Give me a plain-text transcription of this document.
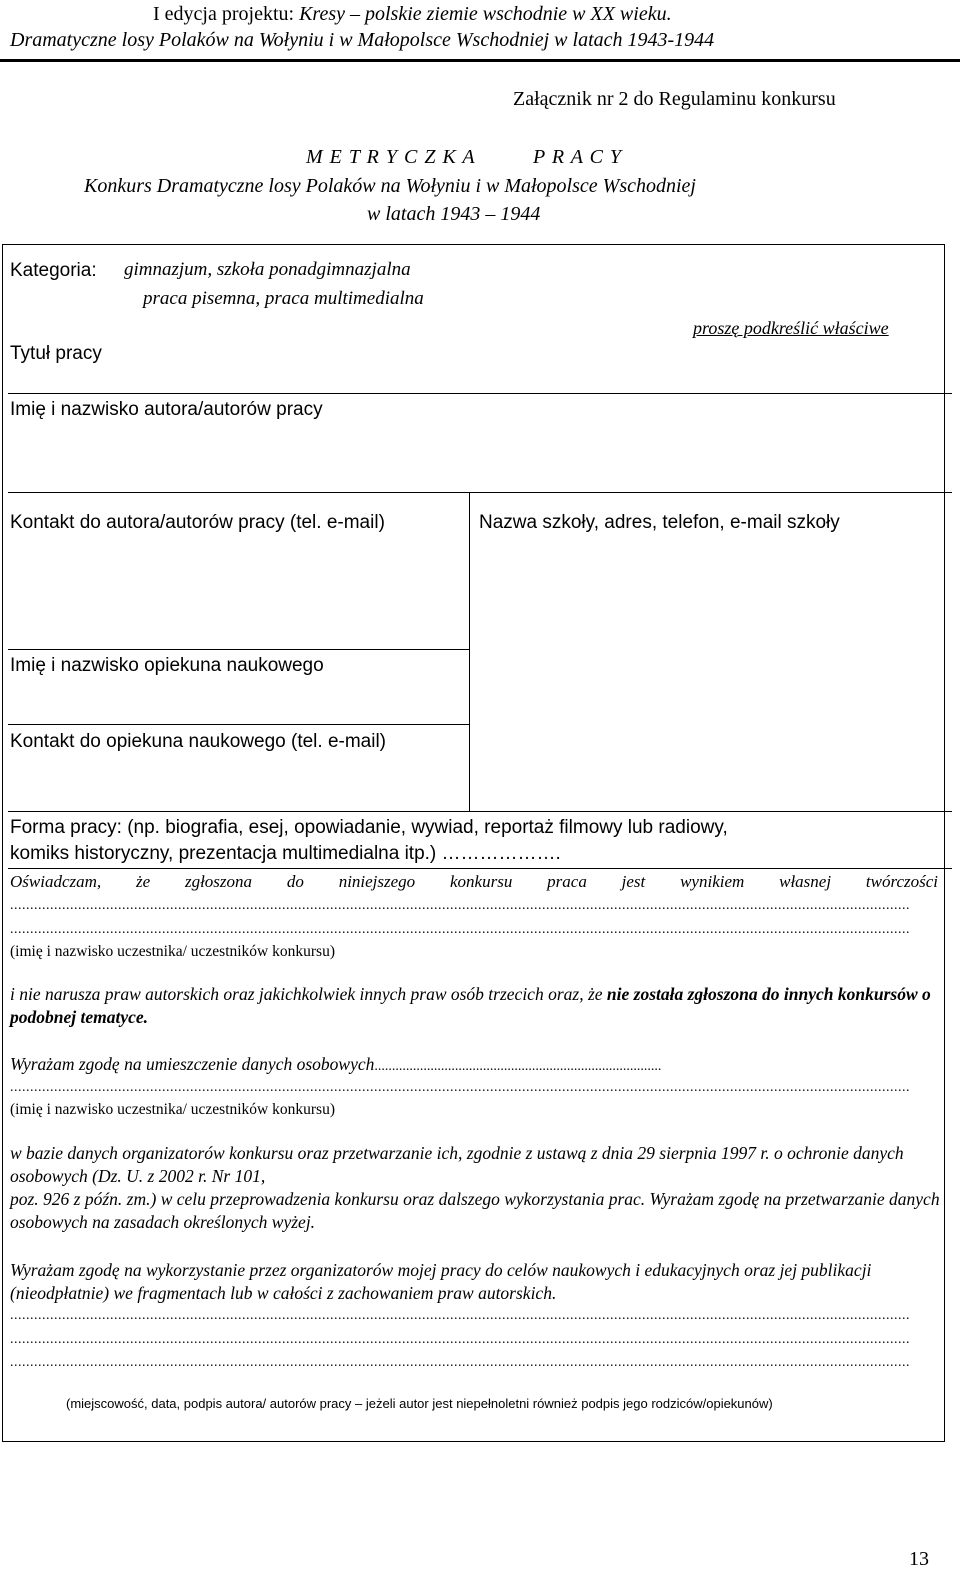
I edycja projektu: Kresy – polskie ziemie wschodnie w XX wieku.
Dramatyczne losy Polaków na Wołyniu i w Małopolsce Wschodniej w latach 1943-1944
Załącznik nr 2 do Regulaminu konkursu
M E T R Y C Z K A	P R A C Y
Konkurs Dramatyczne losy Polaków na Wołyniu i w Małopolsce Wschodniej
w latach 1943 – 1944
Kategoria: gimnazjum, szkoła ponadgimnazjalna
praca pisemna, praca multimedialna
proszę podkreślić właściwe
Tytuł pracy
Imię i nazwisko autora/autorów pracy
Kontakt do autora/autorów pracy (tel. e-mail)	Nazwa szkoły, adres, telefon, e-mail szkoły
Imię i nazwisko opiekuna naukowego
Kontakt do opiekuna naukowego (tel. e-mail)
Forma pracy: (np. biografia, esej, opowiadanie, wywiad, reportaż filmowy lub radiowy,
komiks historyczny, prezentacja multimedialna itp.) ……………….
Oświadczam, że zgłoszona do niniejszego konkursu praca jest wynikiem własnej twórczości
.................................................................................................................................................................................................................................
.................................................................................................................................................................................................................................
(imię i nazwisko uczestnika/ uczestników konkursu)
i nie narusza praw autorskich oraz jakichkolwiek innych praw osób trzecich oraz, że nie została zgłoszona do innych konkursów o podobnej tematyce.
Wyrażam zgodę na umieszczenie danych osobowych..................................................................................
.................................................................................................................................................................................................................................
(imię i nazwisko uczestnika/ uczestników konkursu)
w bazie danych organizatorów konkursu oraz przetwarzanie ich, zgodnie z ustawą z dnia 29 sierpnia 1997 r. o ochronie danych osobowych (Dz. U. z 2002 r. Nr 101,
poz. 926 z późn. zm.) w celu przeprowadzenia konkursu oraz dalszego wykorzystania prac. Wyrażam zgodę na przetwarzanie danych osobowych na zasadach określonych wyżej.
Wyrażam zgodę na wykorzystanie przez organizatorów mojej pracy do celów naukowych i edukacyjnych oraz jej publikacji (nieodpłatnie) we fragmentach lub w całości z zachowaniem praw autorskich.
.................................................................................................................................................................................................................................
.................................................................................................................................................................................................................................
.................................................................................................................................................................................................................................
(miejscowość, data, podpis autora/ autorów pracy – jeżeli autor jest niepełnoletni również podpis jego rodziców/opiekunów)
13
